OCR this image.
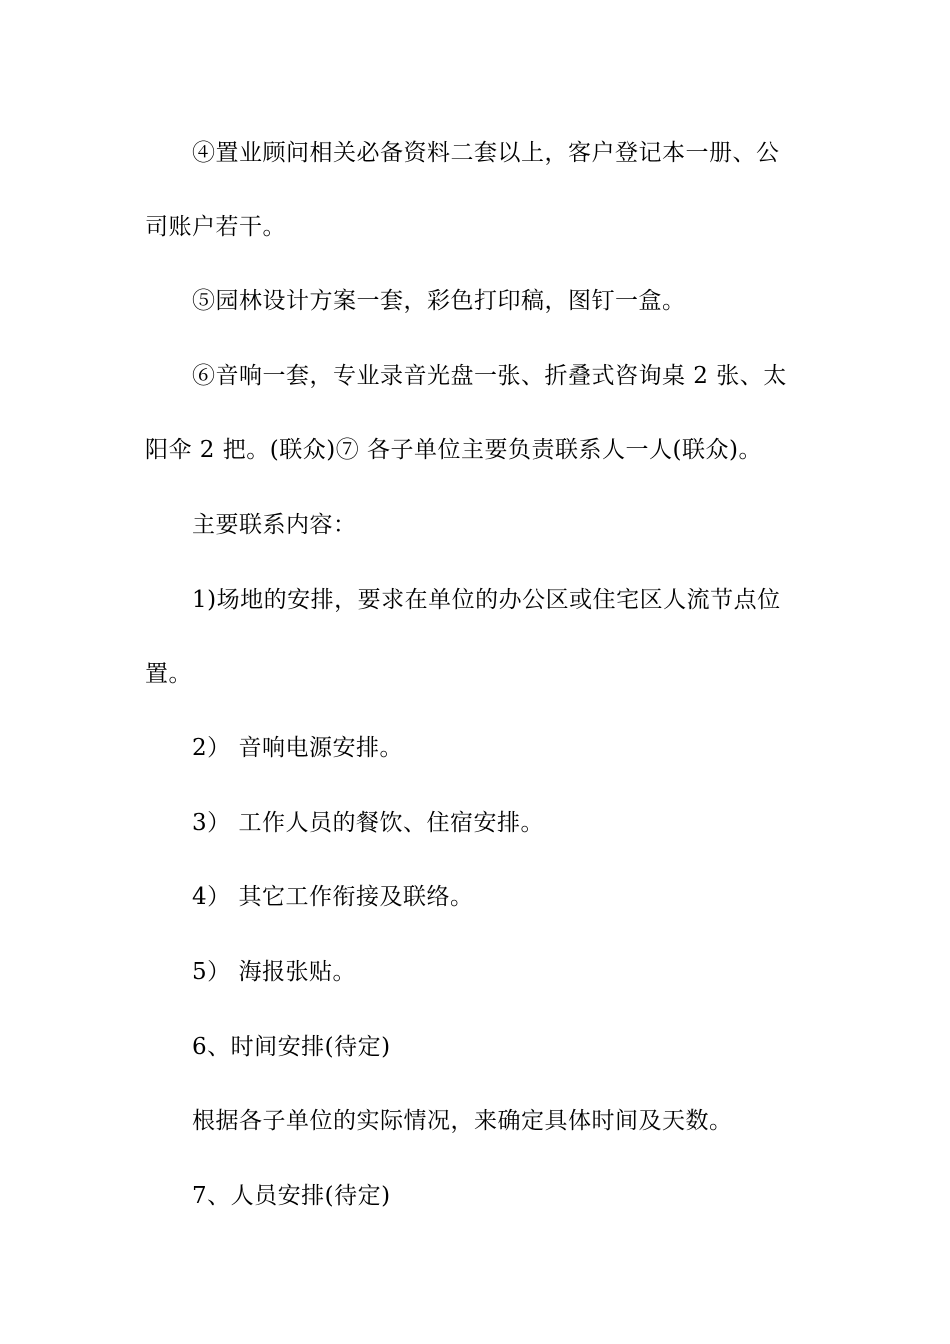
④置业顾问相关必备资料二套以上，客户登记本一册、公
司账户若干。
⑤园林设计方案一套，彩色打印稿，图钉一盒。
⑥音响一套，专业录音光盘一张、折叠式咨询桌 2 张、太
阳伞 2 把。(联众)⑦ 各子单位主要负责联系人一人(联众)。
主要联系内容：
1)场地的安排，要求在单位的办公区或住宅区人流节点位
置。
2） 音响电源安排。
3） 工作人员的餐饮、住宿安排。
4） 其它工作衔接及联络。
5） 海报张贴。
6、时间安排(待定)
根据各子单位的实际情况，来确定具体时间及天数。
7、人员安排(待定)
